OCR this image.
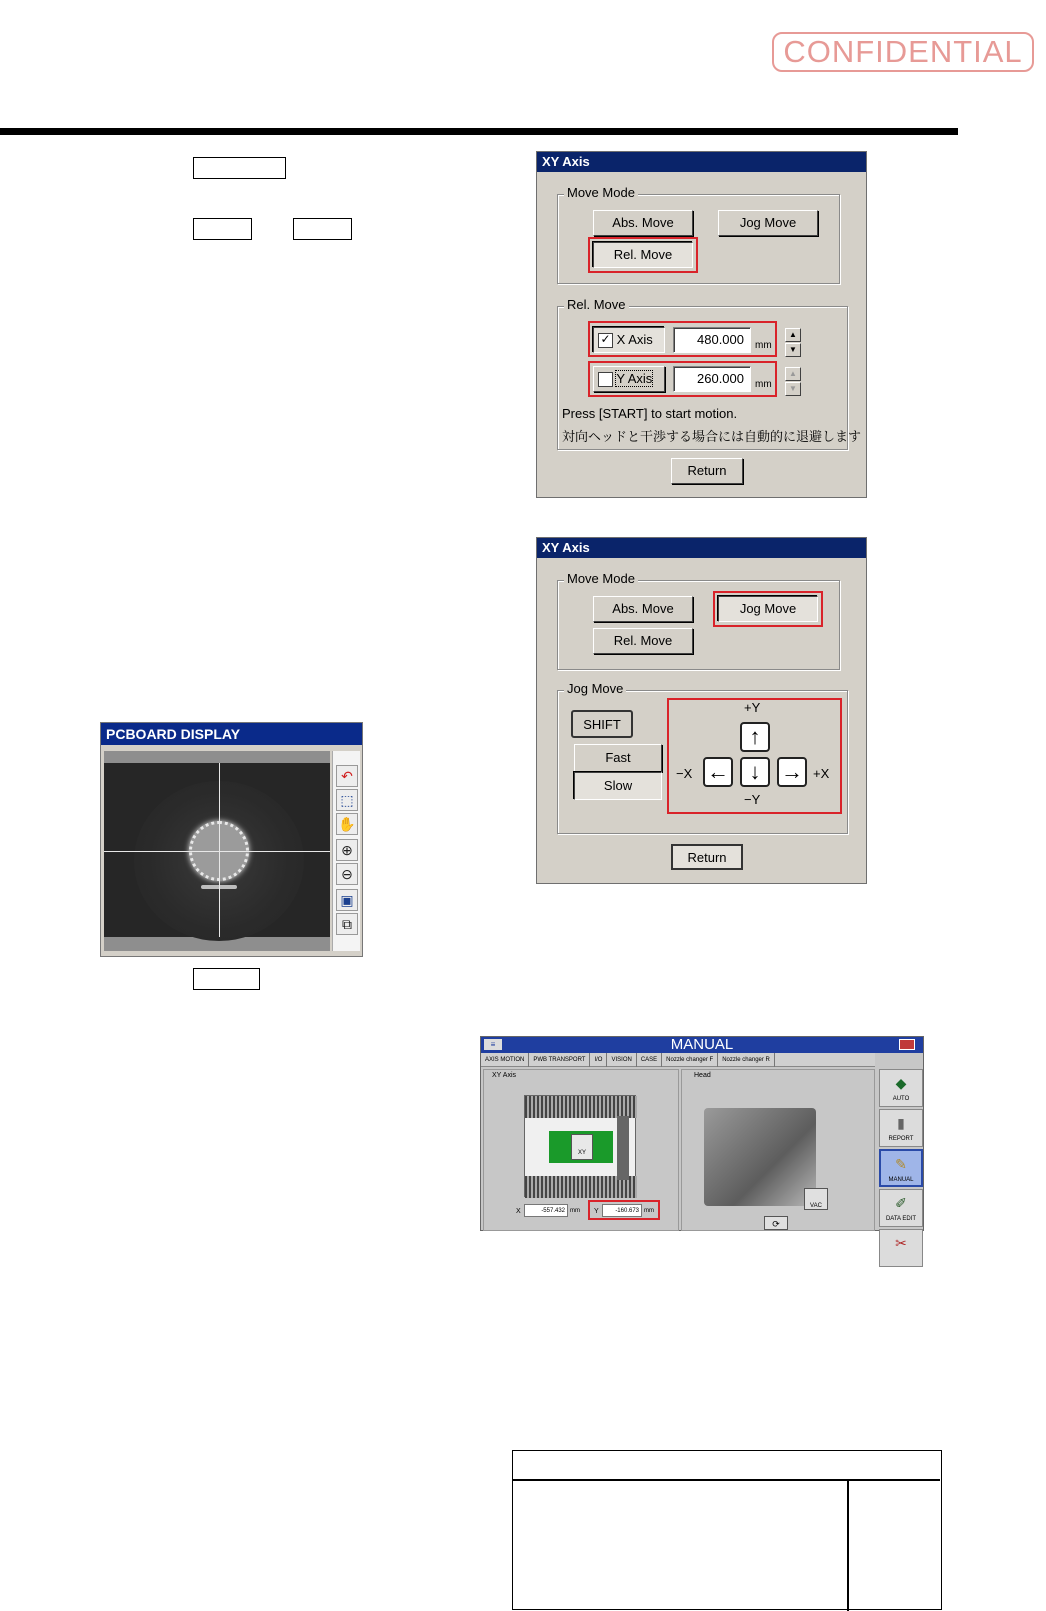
CONFIDENTIAL
XY Axis
Move Mode
Abs. Move	Jog Move
Rel. Move
Rel. Move
✓ X Axis	480.000	mm
▲
▼
Y Axis	260.000	mm
▲
▼
Press [START] to start motion.
対向ヘッドと干渉する場合には自動的に退避します
Return
XY Axis
Move Mode
Abs. Move	Jog Move
Rel. Move
Jog Move
SHIFT
Fast
Slow
+Y
↑
−X ← ↓ → +X
−Y
Return
PCBOARD DISPLAY
↶
⬚
✋
⊕
⊖
▣
⧉
MANUAL
≡
AXIS MOTION PWB TRANSPORT I/O VISION CASE Nozzle changer F Nozzle changer R
XY Axis
XY
X	-557.432 mm Y	-160.673 mm
Head
VAC
⟳
◆
AUTO
▮
REPORT
✎
MANUAL
✐
DATA EDIT
✂
